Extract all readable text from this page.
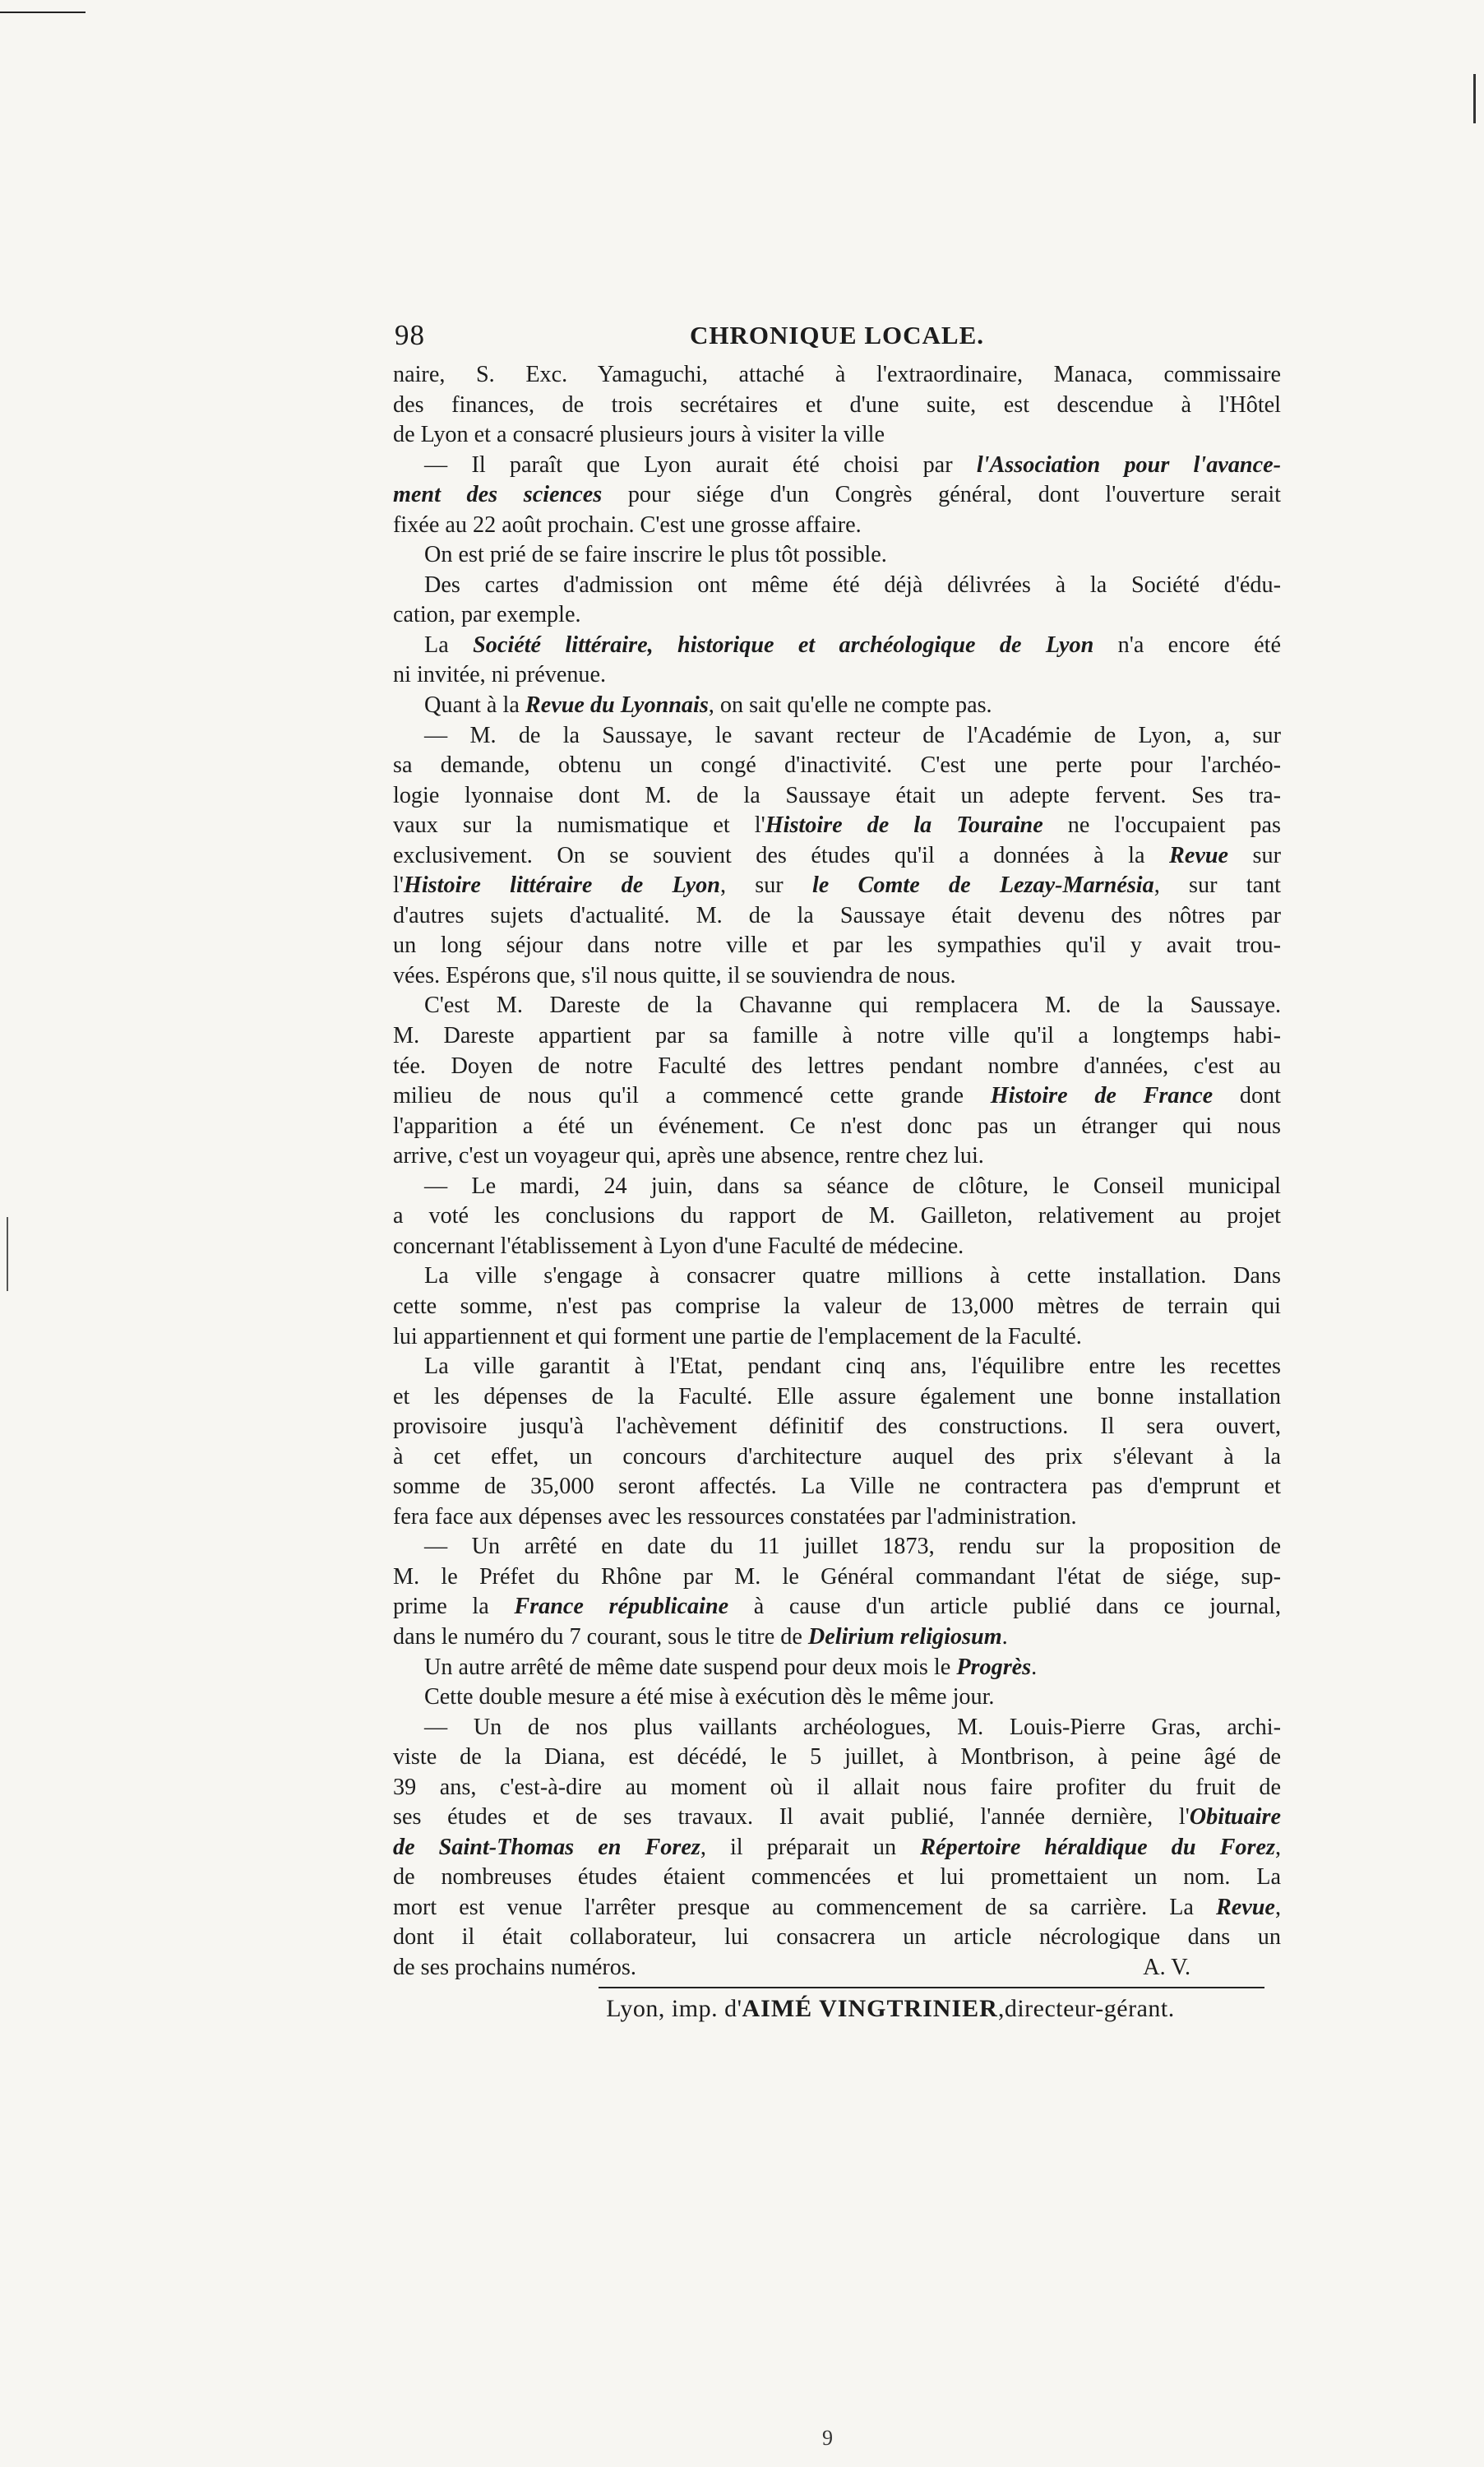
98	CHRONIQUE LOCALE.
naire, S. Exc. Yamaguchi, attaché à l'extraordinaire, Manaca, commissaire
des finances, de trois secrétaires et d'une suite, est descendue à l'Hôtel
de Lyon et a consacré plusieurs jours à visiter la ville
— Il paraît que Lyon aurait été choisi par l'Association pour l'avance-
ment des sciences pour siége d'un Congrès général, dont l'ouverture serait
fixée au 22 août prochain. C'est une grosse affaire.
On est prié de se faire inscrire le plus tôt possible.
Des cartes d'admission ont même été déjà délivrées à la Société d'édu-
cation, par exemple.
La Société littéraire, historique et archéologique de Lyon n'a encore été
ni invitée, ni prévenue.
Quant à la Revue du Lyonnais, on sait qu'elle ne compte pas.
— M. de la Saussaye, le savant recteur de l'Académie de Lyon, a, sur
sa demande, obtenu un congé d'inactivité. C'est une perte pour l'archéo-
logie lyonnaise dont M. de la Saussaye était un adepte fervent. Ses tra-
vaux sur la numismatique et l'Histoire de la Touraine ne l'occupaient pas
exclusivement. On se souvient des études qu'il a données à la Revue sur
l'Histoire littéraire de Lyon, sur le Comte de Lezay-Marnésia, sur tant
d'autres sujets d'actualité. M. de la Saussaye était devenu des nôtres par
un long séjour dans notre ville et par les sympathies qu'il y avait trou-
vées. Espérons que, s'il nous quitte, il se souviendra de nous.
C'est M. Dareste de la Chavanne qui remplacera M. de la Saussaye.
M. Dareste appartient par sa famille à notre ville qu'il a longtemps habi-
tée. Doyen de notre Faculté des lettres pendant nombre d'années, c'est au
milieu de nous qu'il a commencé cette grande Histoire de France dont
l'apparition a été un événement. Ce n'est donc pas un étranger qui nous
arrive, c'est un voyageur qui, après une absence, rentre chez lui.
— Le mardi, 24 juin, dans sa séance de clôture, le Conseil municipal
a voté les conclusions du rapport de M. Gailleton, relativement au projet
concernant l'établissement à Lyon d'une Faculté de médecine.
La ville s'engage à consacrer quatre millions à cette installation. Dans
cette somme, n'est pas comprise la valeur de 13,000 mètres de terrain qui
lui appartiennent et qui forment une partie de l'emplacement de la Faculté.
La ville garantit à l'Etat, pendant cinq ans, l'équilibre entre les recettes
et les dépenses de la Faculté. Elle assure également une bonne installation
provisoire jusqu'à l'achèvement définitif des constructions. Il sera ouvert,
à cet effet, un concours d'architecture auquel des prix s'élevant à la
somme de 35,000 seront affectés. La Ville ne contractera pas d'emprunt et
fera face aux dépenses avec les ressources constatées par l'administration.
— Un arrêté en date du 11 juillet 1873, rendu sur la proposition de
M. le Préfet du Rhône par M. le Général commandant l'état de siége, sup-
prime la France républicaine à cause d'un article publié dans ce journal,
dans le numéro du 7 courant, sous le titre de Delirium religiosum.
Un autre arrêté de même date suspend pour deux mois le Progrès.
Cette double mesure a été mise à exécution dès le même jour.
— Un de nos plus vaillants archéologues, M. Louis-Pierre Gras, archi-
viste de la Diana, est décédé, le 5 juillet, à Montbrison, à peine âgé de
39 ans, c'est-à-dire au moment où il allait nous faire profiter du fruit de
ses études et de ses travaux. Il avait publié, l'année dernière, l'Obituaire
de Saint-Thomas en Forez, il préparait un Répertoire héraldique du Forez,
de nombreuses études étaient commencées et lui promettaient un nom. La
mort est venue l'arrêter presque au commencement de sa carrière. La Revue,
dont il était collaborateur, lui consacrera un article nécrologique dans un
de ses prochains numéros.	A. V.
Lyon, imp. d'AIMÉ VINGTRINIER,directeur-gérant.
9
